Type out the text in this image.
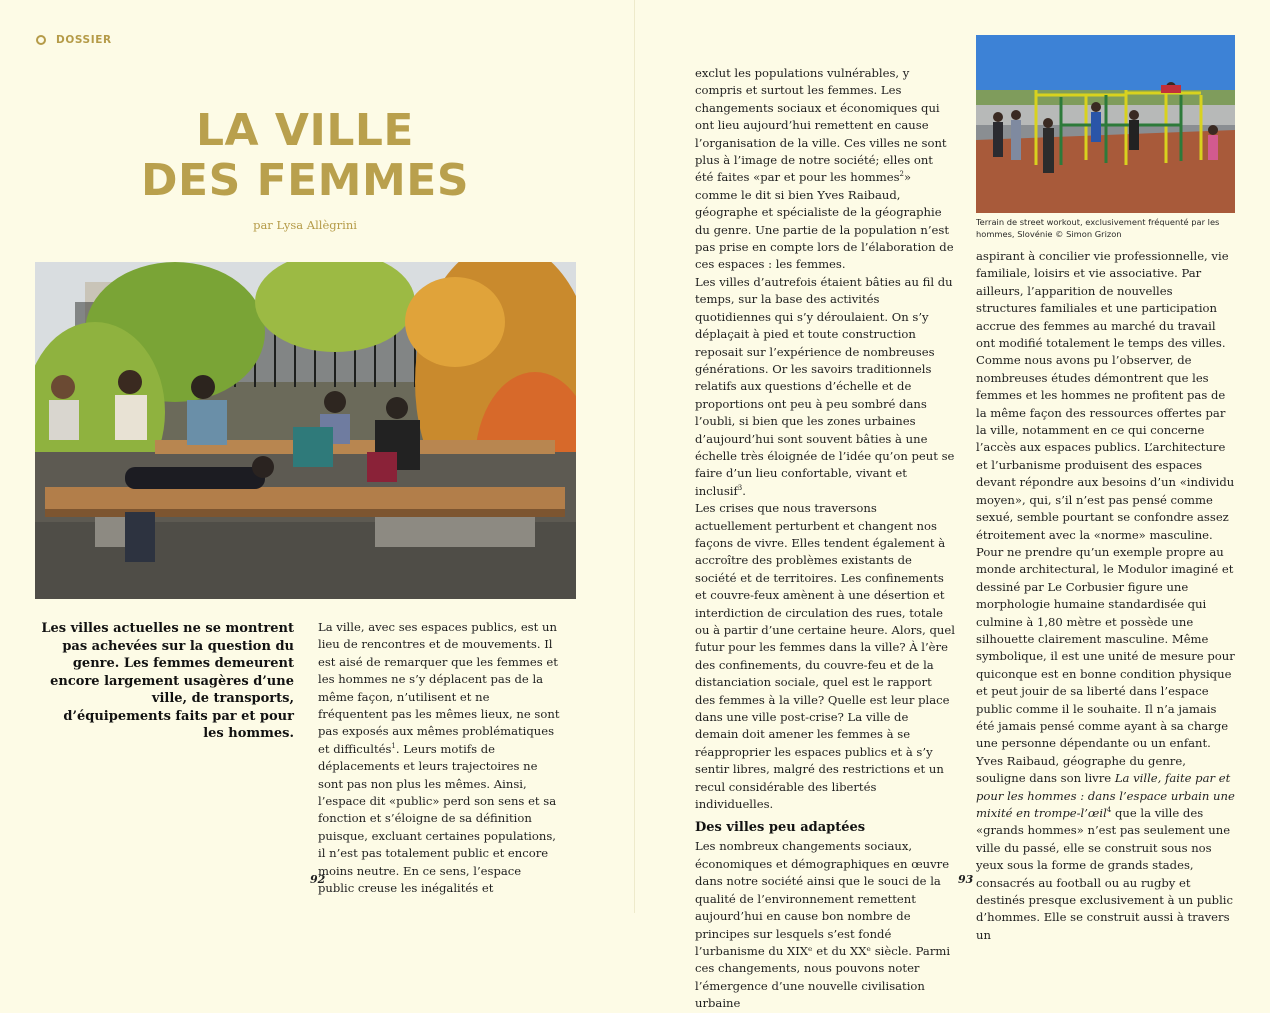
DOSSIER
LA VILLE
DES FEMMES
par Lysa Allègrini
Les villes actuelles ne se montrent pas achevées sur la question du genre. Les femmes demeurent encore largement usagères d’une ville, de transports, d’équipements faits par et pour les hommes.

La ville, avec ses espaces publics, est un lieu de rencontres et de mouvements. Il est aisé de remarquer que les femmes et les hommes ne s’y déplacent pas de la même façon, n’utilisent et ne fréquentent pas les mêmes lieux, ne sont pas exposés aux mêmes problématiques et difficultés$^1$. Leurs motifs de déplacements et leurs trajectoires ne sont pas non plus les mêmes. Ainsi, l’espace dit «public» perd son sens et sa fonction et s’éloigne de sa définition puisque, excluant certaines populations, il n’est pas totalement public et encore moins neutre. En ce sens, l’espace public creuse les inégalités et

92

exclut les populations vulnérables, y compris et surtout les femmes. Les changements sociaux et économiques qui ont lieu aujourd’hui remettent en cause l’organisation de la ville. Ces villes ne sont plus à l’image de notre société; elles ont été faites «par et pour les hommes$^2$» comme le dit si bien Yves Raibaud, géographe et spécialiste de la géographie du genre. Une partie de la population n’est pas prise en compte lors de l’élaboration de ces espaces : les femmes.

Les villes d’autrefois étaient bâties au fil du temps, sur la base des activités quotidiennes qui s’y déroulaient. On s’y déplaçait à pied et toute construction reposait sur l’expérience de nombreuses générations. Or les savoirs traditionnels relatifs aux questions d’échelle et de proportions ont peu à peu sombré dans l’oubli, si bien que les zones urbaines d’aujourd’hui sont souvent bâties à une échelle très éloignée de l’idée qu’on peut se faire d’un lieu confortable, vivant et inclusif$^3$.

Les crises que nous traversons actuellement perturbent et changent nos façons de vivre. Elles tendent également à accroître des problèmes existants de société et de territoires. Les confinements et couvre-feux amènent à une désertion et interdiction de circulation des rues, totale ou à partir d’une certaine heure. Alors, quel futur pour les femmes dans la ville? À l’ère des confinements, du couvre-feu et de la distanciation sociale, quel est le rapport des femmes à la ville? Quelle est leur place dans une ville post-crise? La ville de demain doit amener les femmes à se réapproprier les espaces publics et à s’y sentir libres, malgré des restrictions et un recul considérable des libertés individuelles.

Des villes peu adaptées

Les nombreux changements sociaux, économiques et démographiques en œuvre dans notre société ainsi que le souci de la qualité de l’environnement remettent aujourd’hui en cause bon nombre de principes sur lesquels s’est fondé l’urbanisme du XIXᵉ et du XXᵉ siècle. Parmi ces changements, nous pouvons noter l’émergence d’une nouvelle civilisation urbaine

Terrain de street workout, exclusivement fréquenté par les hommes, Slovénie © Simon Grizon

aspirant à concilier vie professionnelle, vie familiale, loisirs et vie associative. Par ailleurs, l’apparition de nouvelles structures familiales et une participation accrue des femmes au marché du travail ont modifié totalement le temps des villes. Comme nous avons pu l’observer, de nombreuses études démontrent que les femmes et les hommes ne profitent pas de la même façon des ressources offertes par la ville, notamment en ce qui concerne l’accès aux espaces publics. L’architecture et l’urbanisme produisent des espaces devant répondre aux besoins d’un «individu moyen», qui, s’il n’est pas pensé comme sexué, semble pourtant se confondre assez étroitement avec la «norme» masculine. Pour ne prendre qu’un exemple propre au monde architectural, le Modulor imaginé et dessiné par Le Corbusier figure une morphologie humaine standardisée qui culmine à 1,80 mètre et possède une silhouette clairement masculine. Même symbolique, il est une unité de mesure pour quiconque est en bonne condition physique et peut jouir de sa liberté dans l’espace public comme il le souhaite. Il n’a jamais été jamais pensé comme ayant à sa charge une personne dépendante ou un enfant. Yves Raibaud, géographe du genre, souligne dans son livre La ville, faite par et pour les hommes : dans l’espace urbain une mixité en trompe-l’œil$^4$ que la ville des «grands hommes» n’est pas seulement une ville du passé, elle se construit sous nos yeux sous la forme de grands stades, consacrés au football ou au rugby et destinés presque exclusivement à un public d’hommes. Elle se construit aussi à travers un

93
